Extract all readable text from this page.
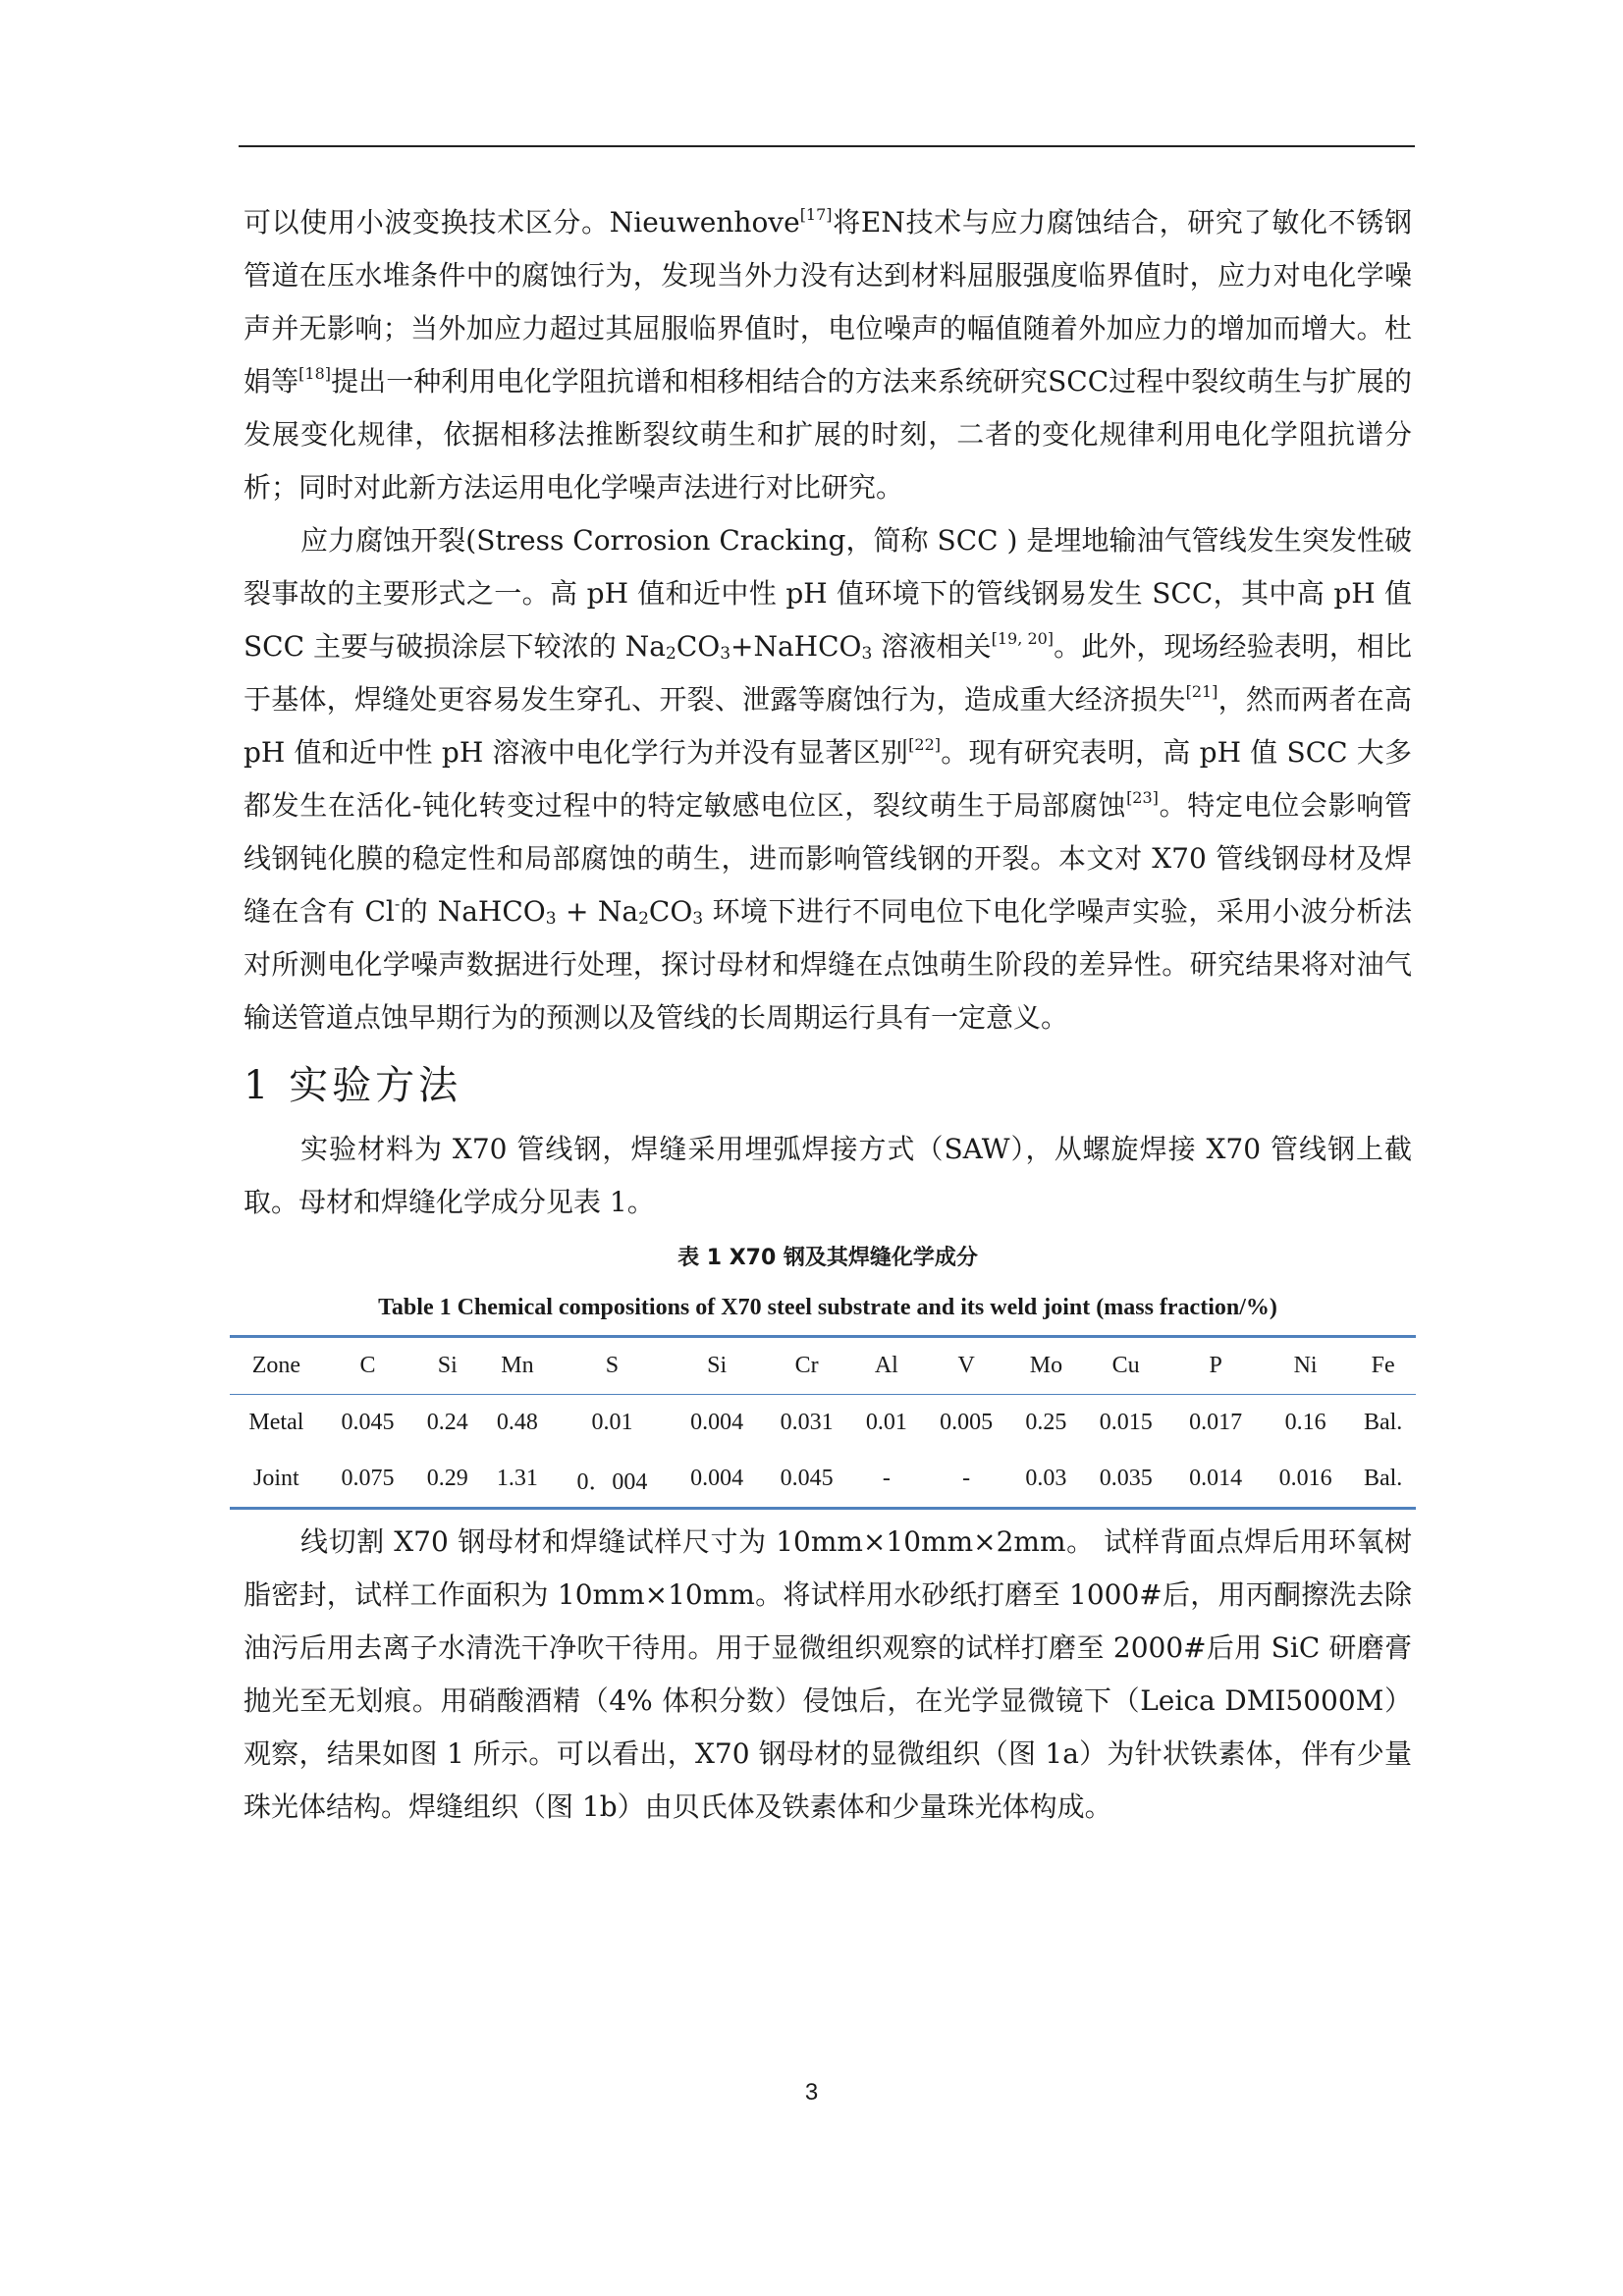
可以使用小波变换技术区分。Nieuwenhove[17]将EN技术与应力腐蚀结合，研究了敏化不锈钢管道在压水堆条件中的腐蚀行为，发现当外力没有达到材料屈服强度临界值时，应力对电化学噪声并无影响；当外加应力超过其屈服临界值时，电位噪声的幅值随着外加应力的增加而增大。杜娟等[18]提出一种利用电化学阻抗谱和相移相结合的方法来系统研究SCC过程中裂纹萌生与扩展的发展变化规律，依据相移法推断裂纹萌生和扩展的时刻，二者的变化规律利用电化学阻抗谱分析；同时对此新方法运用电化学噪声法进行对比研究。

应力腐蚀开裂(Stress Corrosion Cracking，简称 SCC ) 是埋地输油气管线发生突发性破裂事故的主要形式之一。高 pH 值和近中性 pH 值环境下的管线钢易发生 SCC，其中高 pH 值 SCC 主要与破损涂层下较浓的 $Na_2CO_3+NaHCO_3$ 溶液相关[19, 20]。此外，现场经验表明，相比于基体，焊缝处更容易发生穿孔、开裂、泄露等腐蚀行为，造成重大经济损失[21]，然而两者在高 pH 值和近中性 pH 溶液中电化学行为并没有显著区别[22]。现有研究表明，高 pH 值 SCC 大多都发生在活化-钝化转变过程中的特定敏感电位区，裂纹萌生于局部腐蚀[23]。特定电位会影响管线钢钝化膜的稳定性和局部腐蚀的萌生，进而影响管线钢的开裂。本文对 X70 管线钢母材及焊缝在含有 Cl-的 NaHCO$_3$ + $Na_2CO_3$ 环境下进行不同电位下电化学噪声实验，采用小波分析法对所测电化学噪声数据进行处理，探讨母材和焊缝在点蚀萌生阶段的差异性。研究结果将对油气输送管道点蚀早期行为的预测以及管线的长周期运行具有一定意义。

1 实验方法

实验材料为 X70 管线钢，焊缝采用埋弧焊接方式（SAW），从螺旋焊接 X70 管线钢上截取。母材和焊缝化学成分见表 1。

表 1 X70 钢及其焊缝化学成分
Table 1 Chemical compositions of X70 steel substrate and its weld joint (mass fraction/%)
Zone	C	Si	Mn	S	Si	Cr	Al	V	Mo	Cu	P	Ni	Fe
Metal	0.045	0.24	0.48	0.01	0.004	0.031	0.01	0.005	0.25	0.015	0.017	0.16	Bal.
Joint	0.075	0.29	1.31	0．004	0.004	0.045	-	-	0.03	0.035	0.014	0.016	Bal.

线切割 X70 钢母材和焊缝试样尺寸为 10mm×10mm×2mm。 试样背面点焊后用环氧树脂密封，试样工作面积为 10mm×10mm。将试样用水砂纸打磨至 1000#后，用丙酮擦洗去除油污后用去离子水清洗干净吹干待用。用于显微组织观察的试样打磨至 2000#后用 SiC 研磨膏抛光至无划痕。用硝酸酒精（4% 体积分数）侵蚀后，在光学显微镜下（Leica DMI5000M）观察，结果如图 1 所示。可以看出，X70 钢母材的显微组织（图 1a）为针状铁素体，伴有少量珠光体结构。焊缝组织（图 1b）由贝氏体及铁素体和少量珠光体构成。

3
